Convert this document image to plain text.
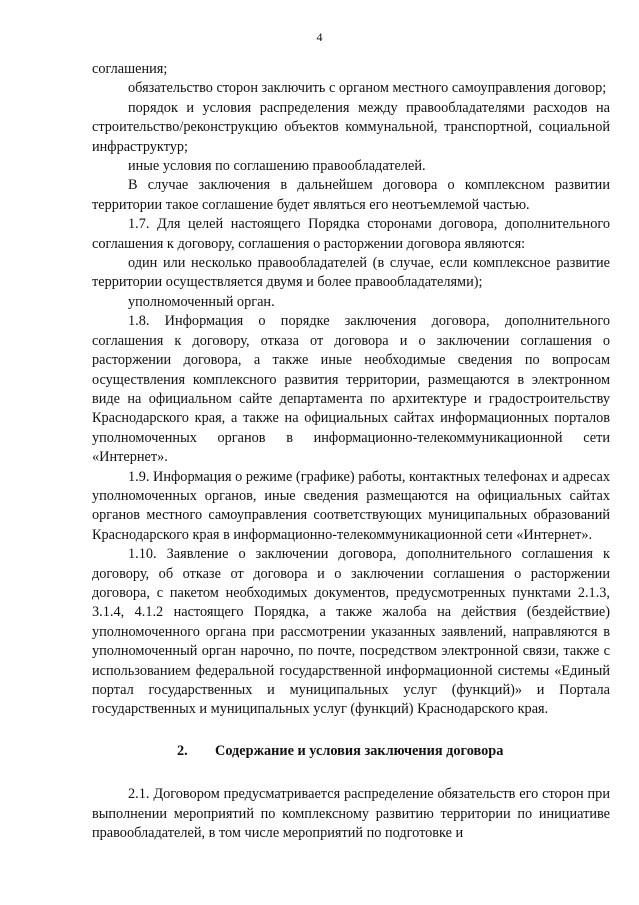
4

соглашения;

обязательство сторон заключить с органом местного самоуправления договор;

порядок и условия распределения между правообладателями расходов на строительство/реконструкцию объектов коммунальной, транспортной, социальной инфраструктур;

иные условия по соглашению правообладателей.

В случае заключения в дальнейшем договора о комплексном развитии территории такое соглашение будет являться его неотъемлемой частью.

1.7. Для целей настоящего Порядка сторонами договора, дополнительного соглашения к договору, соглашения о расторжении договора являются:

один или несколько правообладателей (в случае, если комплексное развитие территории осуществляется двумя и более правообладателями);

уполномоченный орган.

1.8. Информация о порядке заключения договора, дополнительного соглашения к договору, отказа от договора и о заключении соглашения о расторжении договора, а также иные необходимые сведения по вопросам осуществления комплексного развития территории, размещаются в электронном виде на официальном сайте департамента по архитектуре и градостроительству Краснодарского края, а также на официальных сайтах информационных порталов уполномоченных органов в информационно-телекоммуникационной сети «Интернет».

1.9. Информация о режиме (графике) работы, контактных телефонах и адресах уполномоченных органов, иные сведения размещаются на официальных сайтах органов местного самоуправления соответствующих муниципальных образований Краснодарского края в информационно-телекоммуникационной сети «Интернет».

1.10. Заявление о заключении договора, дополнительного соглашения к договору, об отказе от договора и о заключении соглашения о расторжении договора, с пакетом необходимых документов, предусмотренных пунктами 2.1.3, 3.1.4, 4.1.2 настоящего Порядка, а также жалоба на действия (бездействие) уполномоченного органа при рассмотрении указанных заявлений, направляются в уполномоченный орган нарочно, по почте, посредством электронной связи, также с использованием федеральной государственной информационной системы «Единый портал государственных и муниципальных услуг (функций)» и Портала государственных и муниципальных услуг (функций) Краснодарского края.

2. Содержание и условия заключения договора

2.1. Договором предусматривается распределение обязательств его сторон при выполнении мероприятий по комплексному развитию территории по инициативе правообладателей, в том числе мероприятий по подготовке и
